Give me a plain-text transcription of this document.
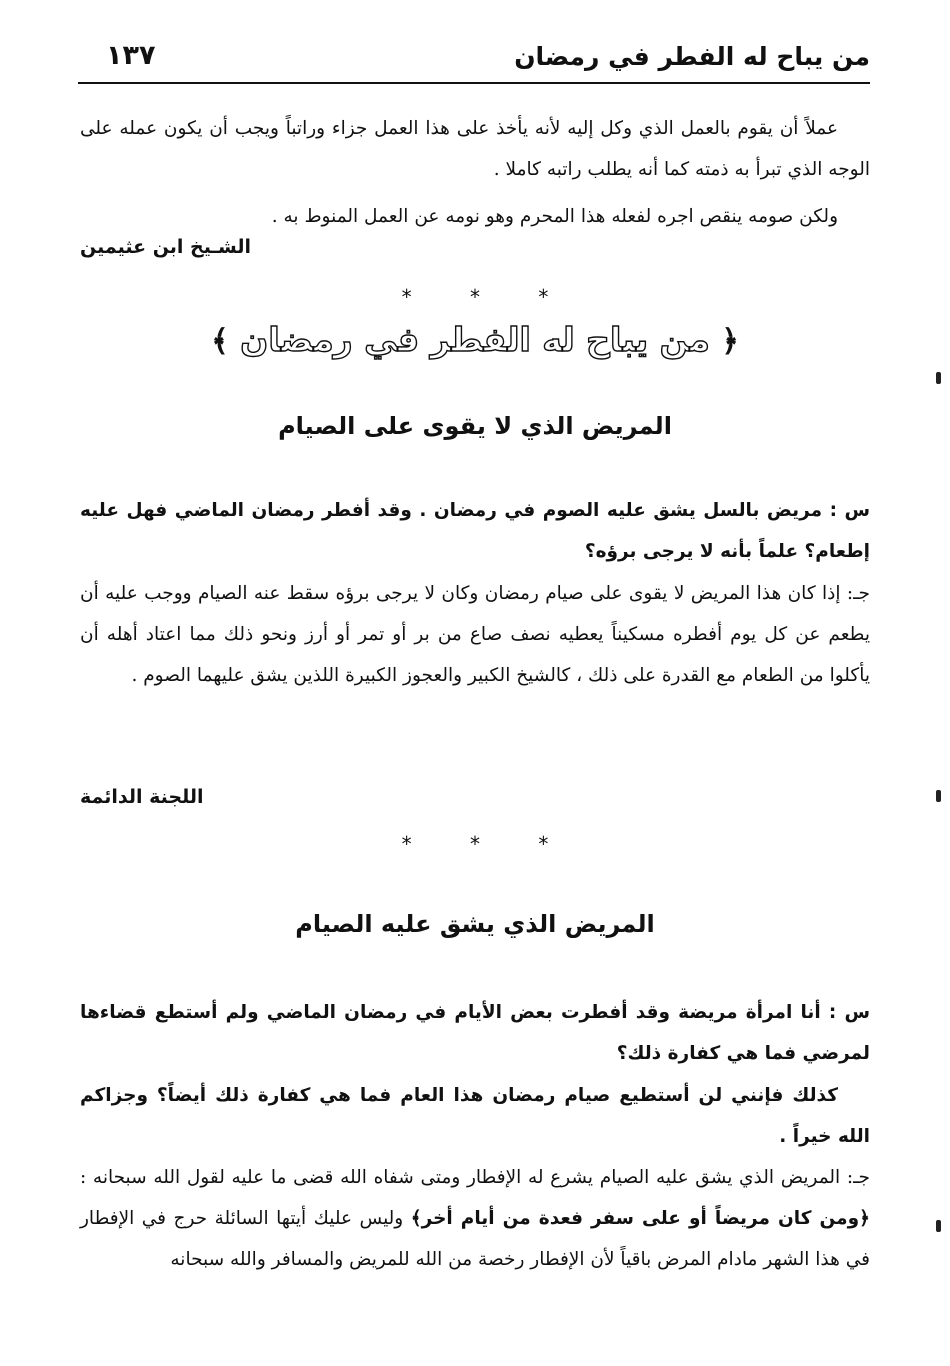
من يباح له الفطر في رمضان
١٣٧
عملاً أن يقوم بالعمل الذي وكل إليه لأنه يأخذ على هذا العمل جزاء وراتباً ويجب أن يكون عمله على الوجه الذي تبرأ به ذمته كما أنه يطلب راتبه كاملا .
ولكن صومه ينقص اجره لفعله هذا المحرم وهو نومه عن العمل المنوط به .
الشـيخ ابن عثيمين
* * *
﴿ من يباح له الفطر في رمضان ﴾
المريض الذي لا يقوى على الصيام
س : مريض بالسل يشق عليه الصوم في رمضان . وقد أفطر رمضان الماضي فهل عليه إطعام؟ علماً بأنه لا يرجى برؤه؟
جـ: إذا كان هذا المريض لا يقوى على صيام رمضان وكان لا يرجى برؤه سقط عنه الصيام ووجب عليه أن يطعم عن كل يوم أفطره مسكيناً يعطيه نصف صاع من بر أو تمر أو أرز ونحو ذلك مما اعتاد أهله أن يأكلوا من الطعام مع القدرة على ذلك ، كالشيخ الكبير والعجوز الكبيرة اللذين يشق عليهما الصوم .
اللجنة الدائمة
* * *
المريض الذي يشق عليه الصيام
س : أنا امرأة مريضة وقد أفطرت بعض الأيام في رمضان الماضي ولم أستطع قضاءها لمرضي فما هي كفارة ذلك؟
كذلك فإنني لن أستطيع صيام رمضان هذا العام فما هي كفارة ذلك أيضاً؟ وجزاكم الله خيراً .
جـ: المريض الذي يشق عليه الصيام يشرع له الإفطار ومتى شفاه الله قضى ما عليه لقول الله سبحانه : ﴿ومن كان مريضاً أو على سفر فعدة من أيام أخر﴾ وليس عليك أيتها السائلة حرج في الإفطار في هذا الشهر مادام المرض باقياً لأن الإفطار رخصة من الله للمريض والمسافر والله سبحانه
